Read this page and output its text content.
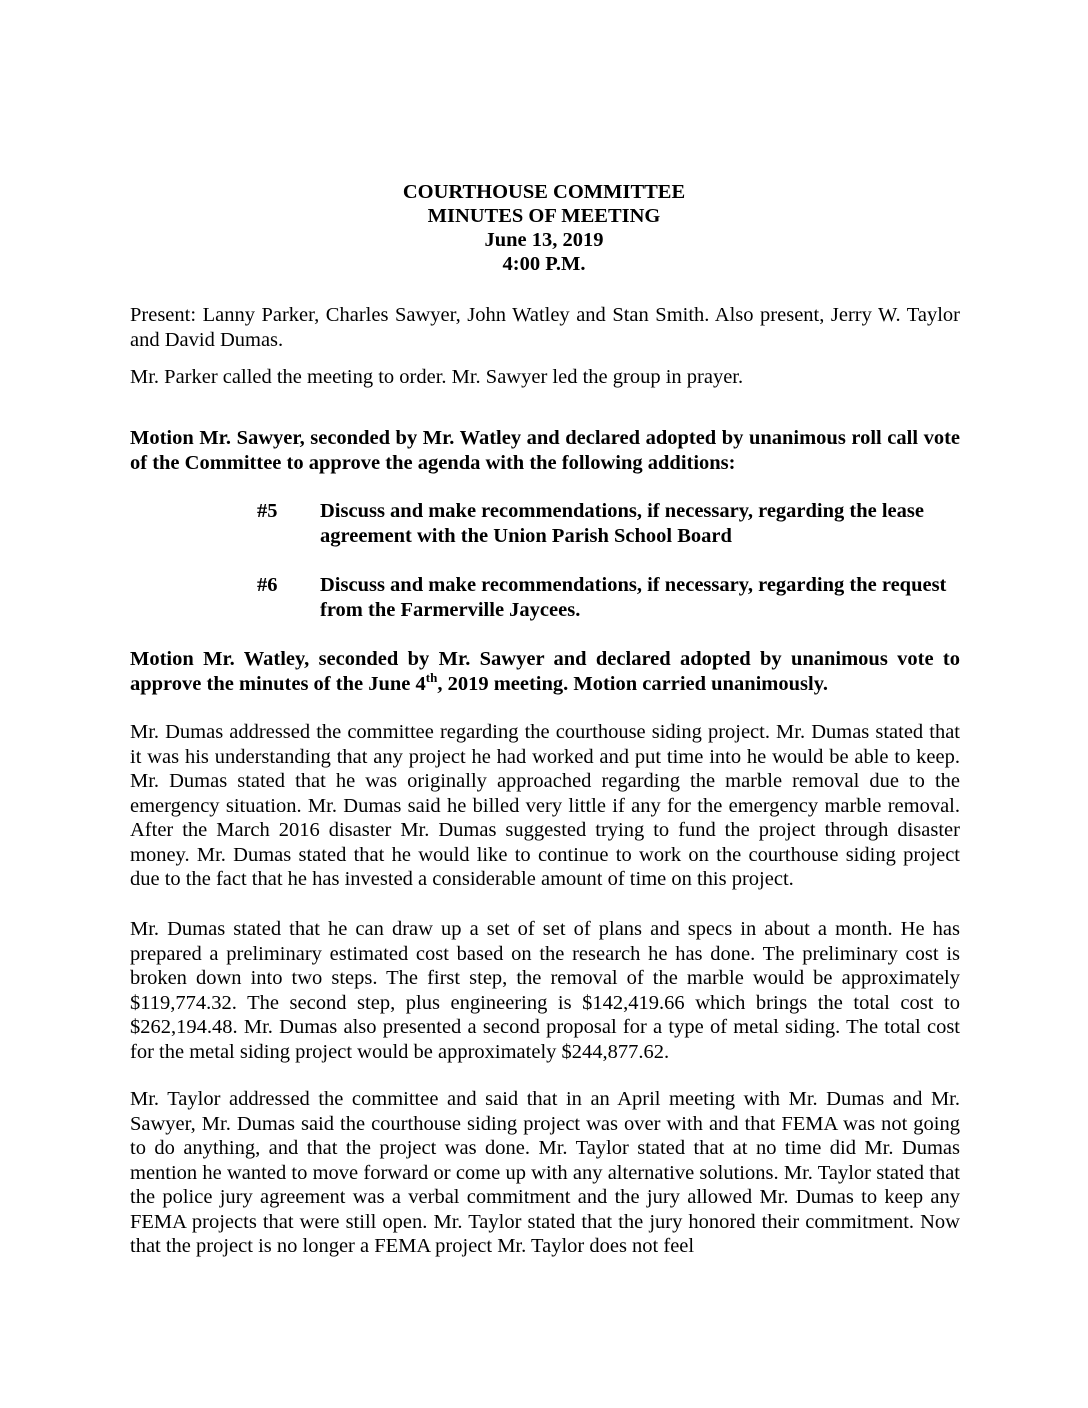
COURTHOUSE COMMITTEE
MINUTES OF MEETING
June 13, 2019
4:00 P.M.

Present: Lanny Parker, Charles Sawyer, John Watley and Stan Smith. Also present, Jerry W. Taylor and David Dumas.

Mr. Parker called the meeting to order. Mr. Sawyer led the group in prayer.

Motion Mr. Sawyer, seconded by Mr. Watley and declared adopted by unanimous roll call vote of the Committee to approve the agenda with the following additions:

#5 Discuss and make recommendations, if necessary, regarding the lease agreement with the Union Parish School Board
#6 Discuss and make recommendations, if necessary, regarding the request from the Farmerville Jaycees.

Motion Mr. Watley, seconded by Mr. Sawyer and declared adopted by unanimous vote to approve the minutes of the June 4th, 2019 meeting. Motion carried unanimously.

Mr. Dumas addressed the committee regarding the courthouse siding project. Mr. Dumas stated that it was his understanding that any project he had worked and put time into he would be able to keep. Mr. Dumas stated that he was originally approached regarding the marble removal due to the emergency situation. Mr. Dumas said he billed very little if any for the emergency marble removal. After the March 2016 disaster Mr. Dumas suggested trying to fund the project through disaster money. Mr. Dumas stated that he would like to continue to work on the courthouse siding project due to the fact that he has invested a considerable amount of time on this project.

Mr. Dumas stated that he can draw up a set of set of plans and specs in about a month. He has prepared a preliminary estimated cost based on the research he has done. The preliminary cost is broken down into two steps. The first step, the removal of the marble would be approximately $119,774.32. The second step, plus engineering is $142,419.66 which brings the total cost to $262,194.48. Mr. Dumas also presented a second proposal for a type of metal siding. The total cost for the metal siding project would be approximately $244,877.62.

Mr. Taylor addressed the committee and said that in an April meeting with Mr. Dumas and Mr. Sawyer, Mr. Dumas said the courthouse siding project was over with and that FEMA was not going to do anything, and that the project was done. Mr. Taylor stated that at no time did Mr. Dumas mention he wanted to move forward or come up with any alternative solutions. Mr. Taylor stated that the police jury agreement was a verbal commitment and the jury allowed Mr. Dumas to keep any FEMA projects that were still open. Mr. Taylor stated that the jury honored their commitment. Now that the project is no longer a FEMA project Mr. Taylor does not feel
